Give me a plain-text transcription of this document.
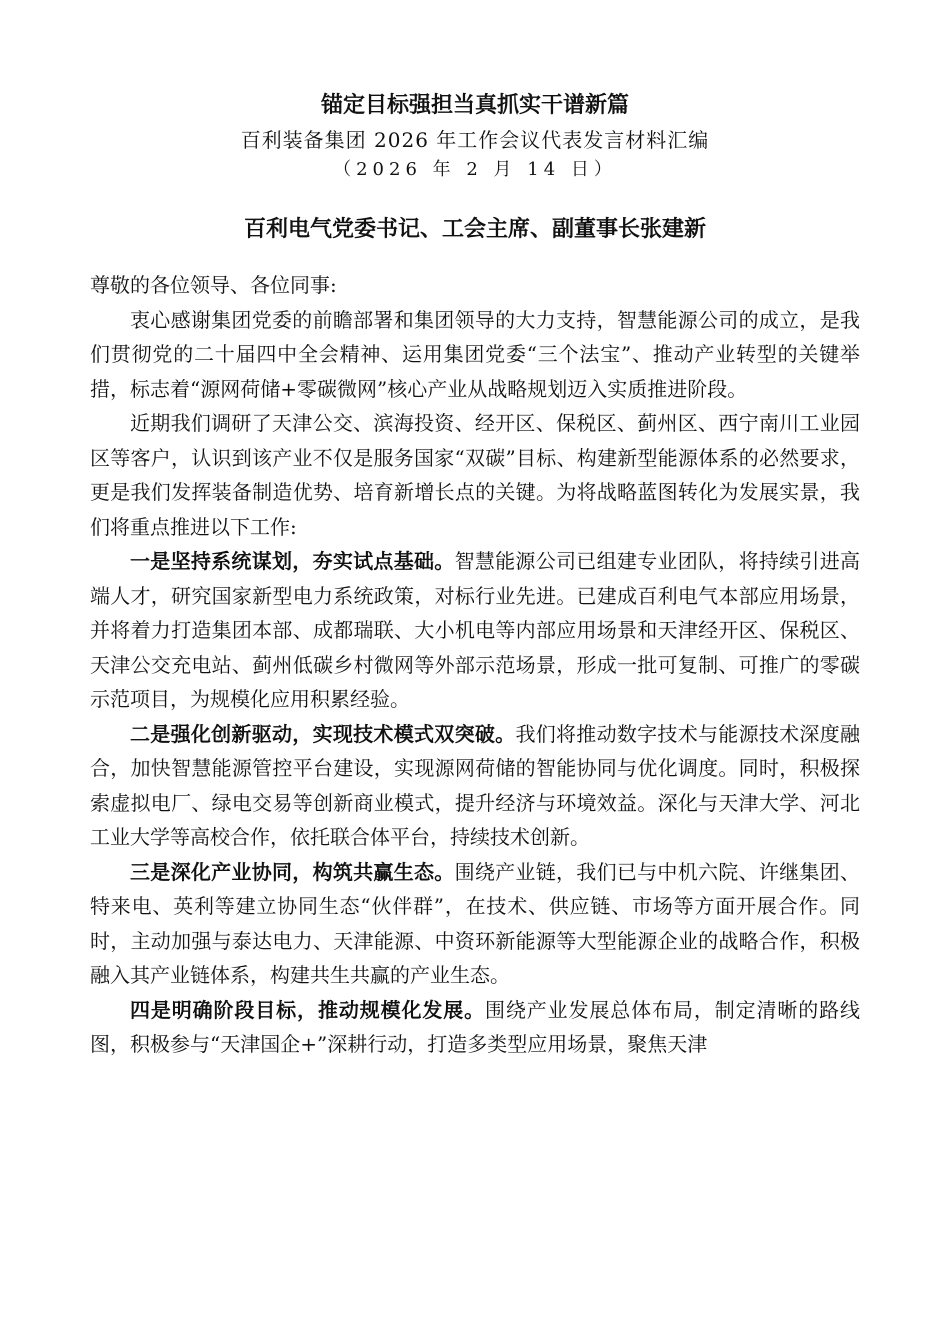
锚定目标强担当真抓实干谱新篇
百利装备集团 2026 年工作会议代表发言材料汇编
（2026 年 2 月 14 日）
百利电气党委书记、工会主席、副董事长张建新

尊敬的各位领导、各位同事:

衷心感谢集团党委的前瞻部署和集团领导的大力支持，智慧能源公司的成立，是我们贯彻党的二十届四中全会精神、运用集团党委“三个法宝”、推动产业转型的关键举措，标志着“源网荷储+零碳微网”核心产业从战略规划迈入实质推进阶段。

近期我们调研了天津公交、滨海投资、经开区、保税区、蓟州区、西宁南川工业园区等客户，认识到该产业不仅是服务国家“双碳”目标、构建新型能源体系的必然要求，更是我们发挥装备制造优势、培育新增长点的关键。为将战略蓝图转化为发展实景，我们将重点推进以下工作:

一是坚持系统谋划，夯实试点基础。智慧能源公司已组建专业团队，将持续引进高端人才，研究国家新型电力系统政策，对标行业先进。已建成百利电气本部应用场景，并将着力打造集团本部、成都瑞联、大小机电等内部应用场景和天津经开区、保税区、天津公交充电站、蓟州低碳乡村微网等外部示范场景，形成一批可复制、可推广的零碳示范项目，为规模化应用积累经验。

二是强化创新驱动，实现技术模式双突破。我们将推动数字技术与能源技术深度融合，加快智慧能源管控平台建设，实现源网荷储的智能协同与优化调度。同时，积极探索虚拟电厂、绿电交易等创新商业模式，提升经济与环境效益。深化与天津大学、河北工业大学等高校合作，依托联合体平台，持续技术创新。

三是深化产业协同，构筑共赢生态。围绕产业链，我们已与中机六院、许继集团、特来电、英利等建立协同生态“伙伴群”，在技术、供应链、市场等方面开展合作。同时，主动加强与泰达电力、天津能源、中资环新能源等大型能源企业的战略合作，积极融入其产业链体系，构建共生共赢的产业生态。

四是明确阶段目标，推动规模化发展。围绕产业发展总体布局，制定清晰的路线图，积极参与“天津国企+”深耕行动，打造多类型应用场景，聚焦天津
